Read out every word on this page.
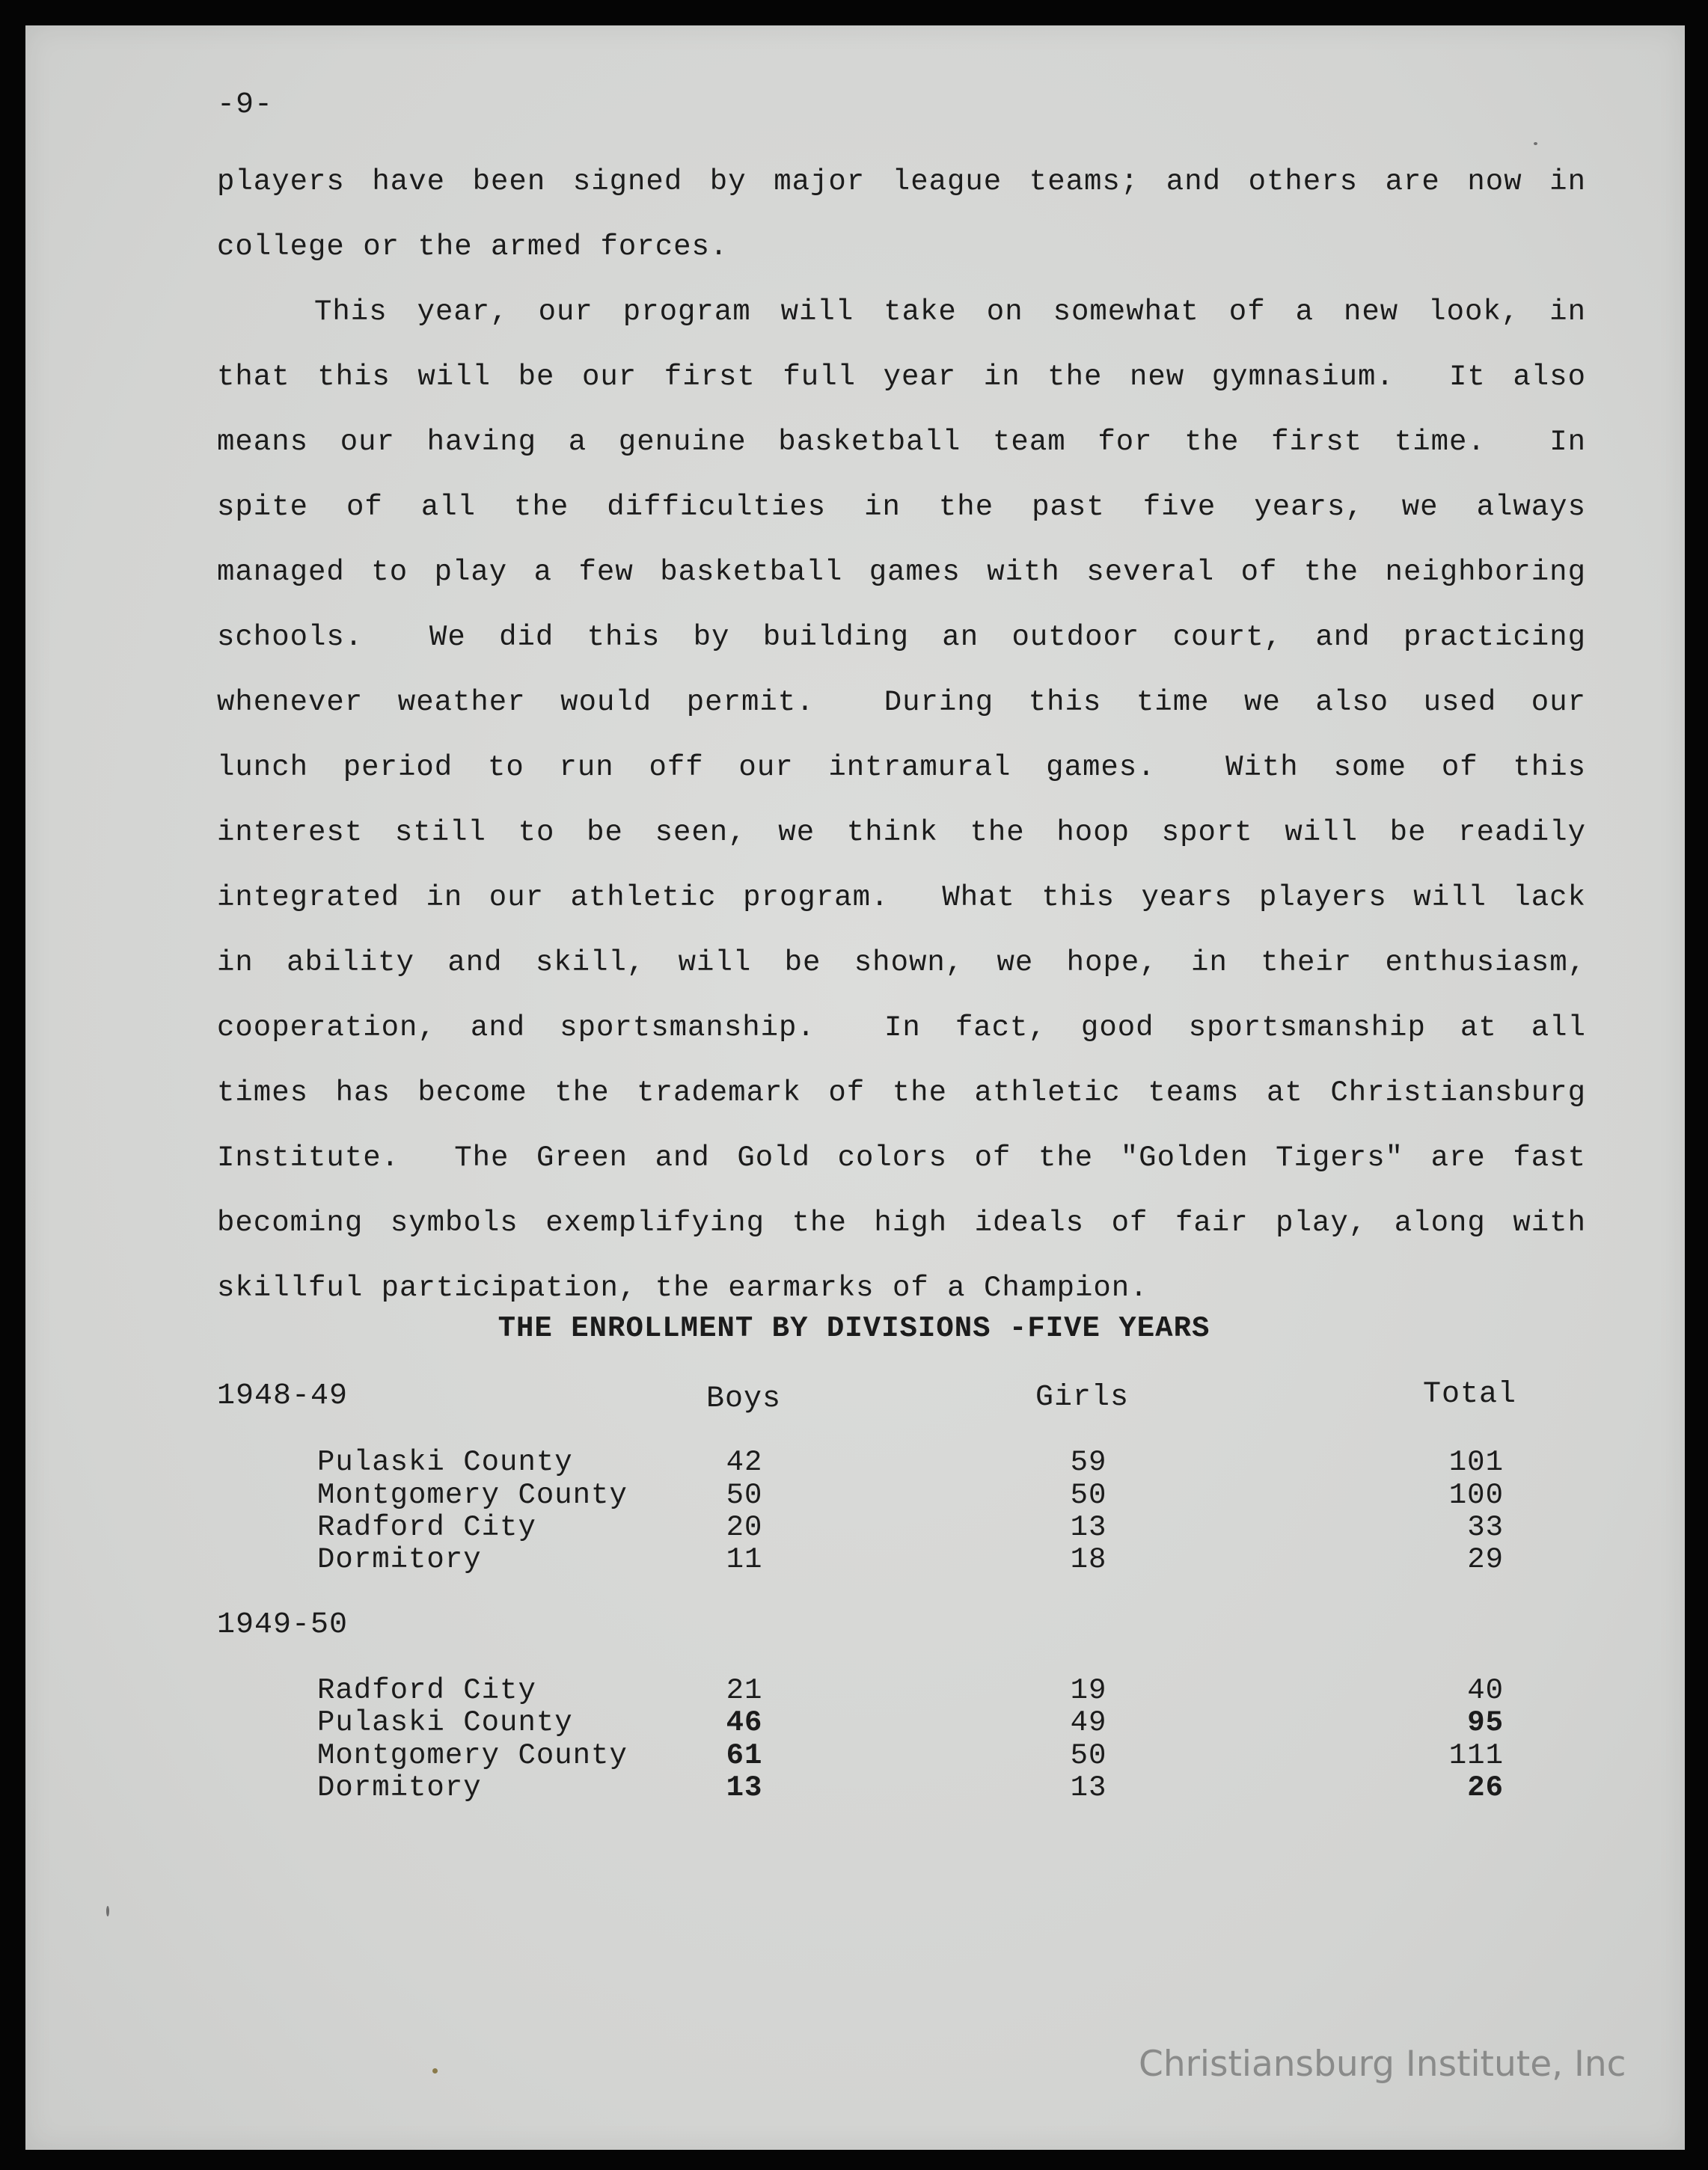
-9-
players have been signed by major league teams; and others are now in
college or the armed forces.
This year, our program will take on somewhat of a new look, in
that this will be our first full year in the new gymnasium.  It also
means our having a genuine basketball team for the first time.  In
spite of all the difficulties in the past five years, we always
managed to play a few basketball games with several of the neighboring
schools.  We did this by building an outdoor court, and practicing
whenever weather would permit.  During this time we also used our
lunch period to run off our intramural games.  With some of this
interest still to be seen, we think the hoop sport will be readily
integrated in our athletic program.  What this years players will lack
in ability and skill, will be shown, we hope, in their enthusiasm,
cooperation, and sportsmanship.  In fact, good sportsmanship at all
times has become the trademark of the athletic teams at Christiansburg
Institute.  The Green and Gold colors of the "Golden Tigers" are fast
becoming symbols exemplifying the high ideals of fair play, along with
skillful participation, the earmarks of a Champion.
THE ENROLLMENT BY DIVISIONS -FIVE YEARS
1948-49	Boys	Girls	Total
Pulaski County	42	59	101
Montgomery County	50	50	100
Radford City	20	13	33
Dormitory	11	18	29
1949-50
Radford City	21	19	40
Pulaski County	46	49	95
Montgomery County	61	50	111
Dormitory	13	13	26
Christiansburg Institute, Inc
